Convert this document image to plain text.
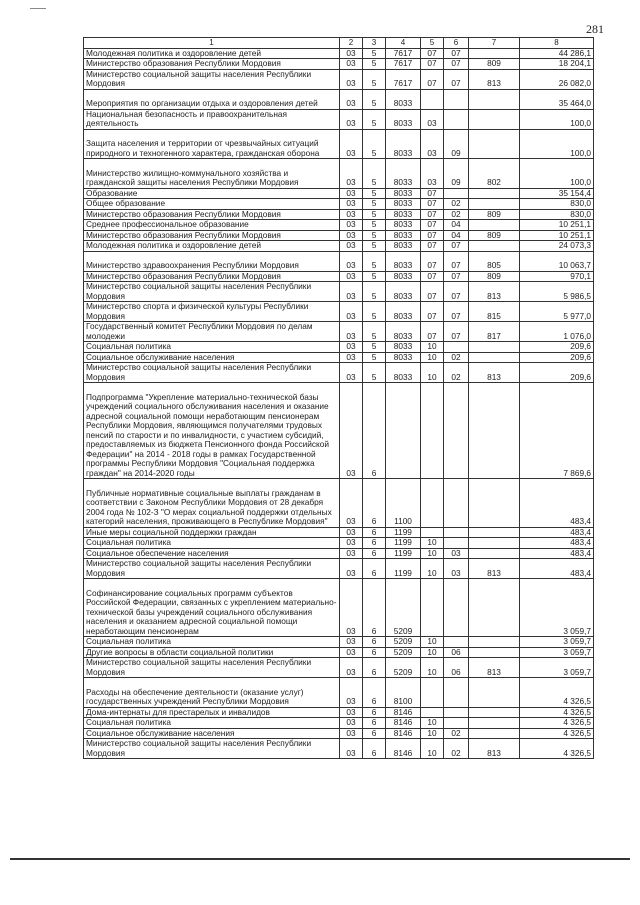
281
1	2	3	4	5	6	7	8
Молодежная политика и оздоровление детей	03	5	7617	07	07		44 286,1
Министерство образования Республики Мордовия	03	5	7617	07	07	809	18 204,1
Министерство социальной защиты населения Республики Мордовия	03	5	7617	07	07	813	26 082,0
Мероприятия по организации отдыха и оздоровления детей	03	5	8033				35 464,0
Национальная безопасность и правоохранительная деятельность	03	5	8033	03			100,0
Защита населения и территории от чрезвычайных ситуаций природного и техногенного характера, гражданская оборона	03	5	8033	03	09		100,0
Министерство жилищно-коммунального хозяйства и гражданской защиты населения Республики Мордовия	03	5	8033	03	09	802	100,0
Образование	03	5	8033	07			35 154,4
Общее образование	03	5	8033	07	02		830,0
Министерство образования Республики Мордовия	03	5	8033	07	02	809	830,0
Среднее профессиональное образование	03	5	8033	07	04		10 251,1
Министерство образования Республики Мордовия	03	5	8033	07	04	809	10 251,1
Молодежная политика и оздоровление детей	03	5	8033	07	07		24 073,3
Министерство здравоохранения Республики Мордовия	03	5	8033	07	07	805	10 063,7
Министерство образования Республики Мордовия	03	5	8033	07	07	809	970,1
Министерство социальной защиты населения Республики Мордовия	03	5	8033	07	07	813	5 986,5
Министерство спорта и физической культуры Республики Мордовия	03	5	8033	07	07	815	5 977,0
Государственный комитет Республики Мордовия по делам молодежи	03	5	8033	07	07	817	1 076,0
Социальная политика	03	5	8033	10			209,6
Социальное обслуживание населения	03	5	8033	10	02		209,6
Министерство социальной защиты населения Республики Мордовия	03	5	8033	10	02	813	209,6
Подпрограмма "Укрепление материально-технической базы учреждений социального обслуживания населения и оказание адресной социальной помощи неработающим пенсионерам Республики Мордовия, являющимся получателями трудовых пенсий по старости и по инвалидности, с участием субсидий, предоставляемых из бюджета Пенсионного фонда Российской Федерации" на 2014 - 2018 годы в рамках Государственной программы Республики Мордовия "Социальная поддержка граждан" на 2014-2020 годы	03	6					7 869,6
Публичные нормативные социальные выплаты гражданам в соответствии с Законом Республики Мордовия от 28 декабря 2004 года № 102-З "О мерах социальной поддержки отдельных категорий населения, проживающего в Республике Мордовия"	03	6	1100				483,4
Иные меры социальной поддержки граждан	03	6	1199				483,4
Социальная политика	03	6	1199	10			483,4
Социальное обеспечение населения	03	6	1199	10	03		483,4
Министерство социальной защиты населения Республики Мордовия	03	6	1199	10	03	813	483,4
Софинансирование социальных программ субъектов Российской Федерации, связанных с укреплением материально-технической базы учреждений социального обслуживания населения и оказанием адресной социальной помощи неработающим пенсионерам	03	6	5209				3 059,7
Социальная политика	03	6	5209	10			3 059,7
Другие вопросы в области социальной политики	03	6	5209	10	06		3 059,7
Министерство социальной защиты населения Республики Мордовия	03	6	5209	10	06	813	3 059,7
Расходы на обеспечение деятельности (оказание услуг) государственных учреждений Республики Мордовия	03	6	8100				4 326,5
Дома-интернаты для престарелых и инвалидов	03	6	8146				4 326,5
Социальная политика	03	6	8146	10			4 326,5
Социальное обслуживание населения	03	6	8146	10	02		4 326,5
Министерство социальной защиты населения Республики Мордовия	03	6	8146	10	02	813	4 326,5
